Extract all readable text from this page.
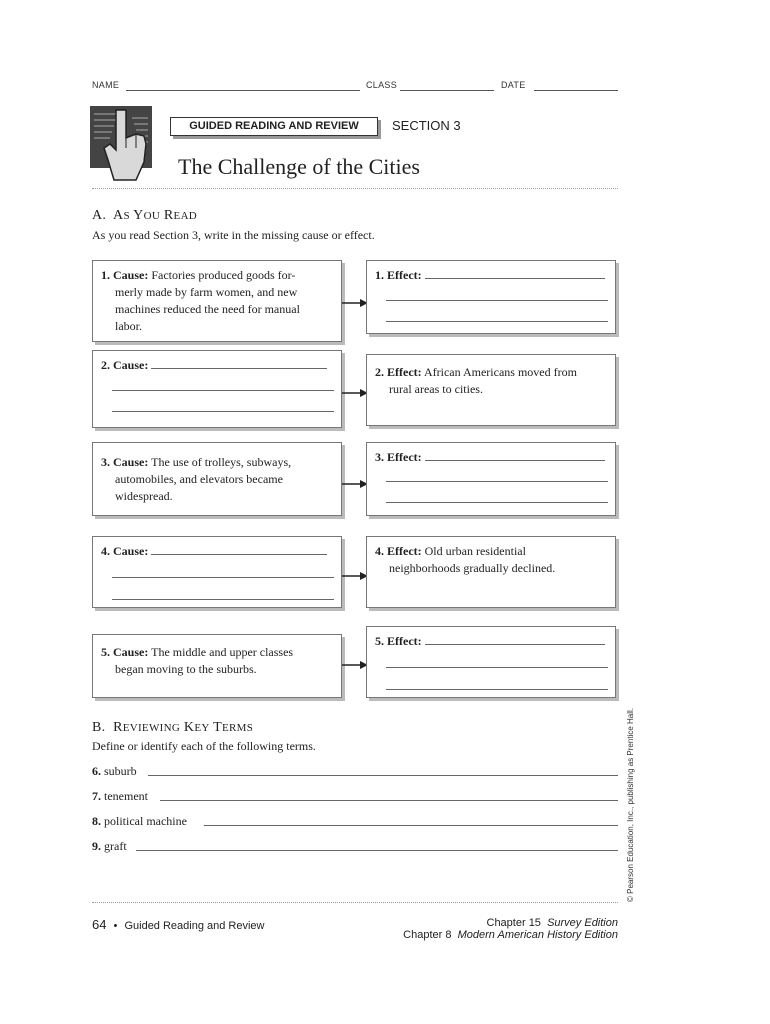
NAME	CLASS	DATE
GUIDED READING AND REVIEW	SECTION 3
The Challenge of the Cities
A. AS YOU READ
As you read Section 3, write in the missing cause or effect.
1. Cause: Factories produced goods for-
merly made by farm women, and new
machines reduced the need for manual
labor.
1. Effect:
2. Cause:	2. Effect: African Americans moved from
rural areas to cities.
3. Cause: The use of trolleys, subways,
automobiles, and elevators became
widespread.
3. Effect:
4. Cause:	4. Effect: Old urban residential
neighborhoods gradually declined.
5. Cause: The middle and upper classes
began moving to the suburbs.
5. Effect:
B. REVIEWING KEY TERMS
Define or identify each of the following terms.
6. suburb
7. tenement
8. political machine
9. graft	© Pearson Education, Inc., publishing as Prentice Hall.
64 • Guided Reading and Review	Chapter 15 Survey Edition
Chapter 8 Modern American History Edition
